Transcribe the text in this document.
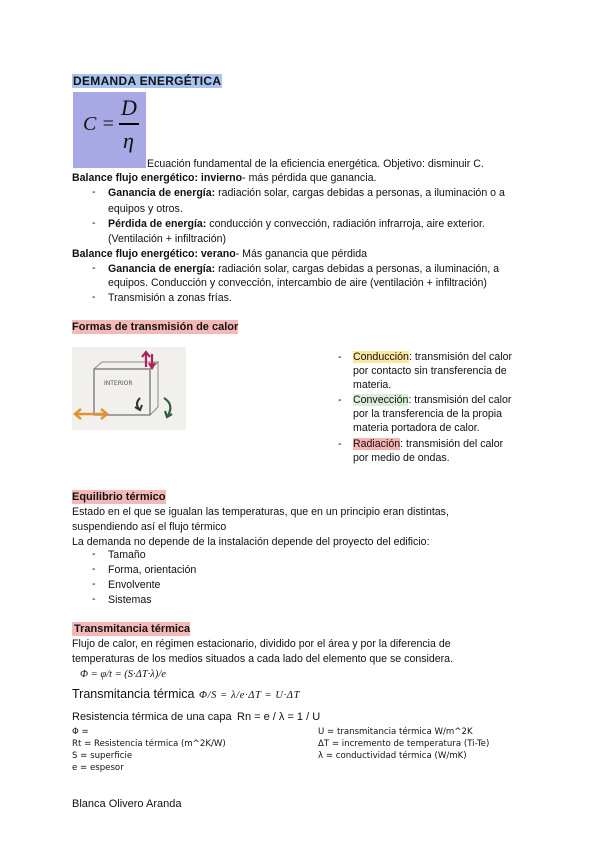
DEMANDA ENERGÉTICA
C =
D
η
Ecuación fundamental de la eficiencia energética. Objetivo: disminuir C.
Balance flujo energético: invierno- más pérdida que ganancia.
- Ganancia de energía: radiación solar, cargas debidas a personas, a iluminación o a
equipos y otros.
- Pérdida de energía: conducción y convección, radiación infrarroja, aire exterior.
(Ventilación + infiltración)
Balance flujo energético: verano- Más ganancia que pérdida
- Ganancia de energía: radiación solar, cargas debidas a personas, a iluminación, a
equipos. Conducción y convección, intercambio de aire (ventilación + infiltración)
- Transmisión a zonas frías.
Formas de transmisión de calor
INTERIOR
- Conducción: transmisión del calor
por contacto sin transferencia de
materia.
- Convección: transmisión del calor
por la transferencia de la propia
materia portadora de calor.
- Radiación: transmisión del calor
por medio de ondas.
Equilibrio térmico
Estado en el que se igualan las temperaturas, que en un principio eran distintas,
suspendiendo así el flujo térmico
La demanda no depende de la instalación depende del proyecto del edificio:
- Tamaño
- Forma, orientación
- Envolvente
- Sistemas
Transmitancia térmica
Flujo de calor, en régimen estacionario, dividido por el área y por la diferencia de
temperaturas de los medios situados a cada lado del elemento que se considera.
Φ = φ/t = (S·ΔT·λ)/e
Transmitancia térmica Φ/S = λ/e·ΔT = U·ΔT
Resistencia térmica de una capa Rn = e / λ = 1 / U
Φ =
Rt = Resistencia térmica (m^2K/W)
S = superficie
e = espesor
U = transmitancia térmica W/m^2K
ΔT = incremento de temperatura (Ti-Te)
λ = conductividad térmica (W/mK)
Blanca Olivero Aranda
